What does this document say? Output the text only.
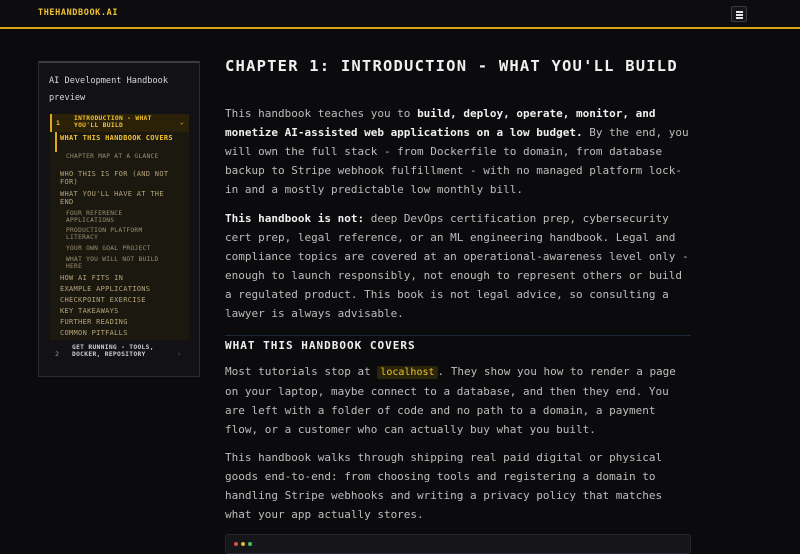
THEHANDBOOK.AI
AI Development Handbook preview
1
INTRODUCTION - WHAT YOU'LL BUILD	⌄
WHAT THIS HANDBOOK COVERS
CHAPTER MAP AT A GLANCE
WHO THIS IS FOR (AND NOT FOR)
WHAT YOU'LL HAVE AT THE END
FOUR REFERENCE APPLICATIONS
PRODUCTION PLATFORM LITERACY
YOUR OWN GOAL PROJECT
WHAT YOU WILL NOT BUILD HERE
HOW AI FITS IN
EXAMPLE APPLICATIONS
CHECKPOINT EXERCISE
KEY TAKEAWAYS
FURTHER READING
COMMON PITFALLS
2
GET RUNNING - TOOLS, DOCKER, REPOSITORY	›
CHAPTER 1: INTRODUCTION - WHAT YOU'LL BUILD
This handbook teaches you to build, deploy, operate, monitor, and monetize AI-assisted web applications on a low budget. By the end, you will own the full stack - from Dockerfile to domain, from database backup to Stripe webhook fulfillment - with no managed platform lock-in and a mostly predictable low monthly bill.
This handbook is not: deep DevOps certification prep, cybersecurity cert prep, legal reference, or an ML engineering handbook. Legal and compliance topics are covered at an operational-awareness level only - enough to launch responsibly, not enough to represent others or build a regulated product. This book is not legal advice, so consulting a lawyer is always advisable.
WHAT THIS HANDBOOK COVERS
Most tutorials stop at localhost . They show you how to render a page on your laptop, maybe connect to a database, and then they end. You are left with a folder of code and no path to a domain, a payment flow, or a customer who can actually buy what you built.
This handbook walks through shipping real paid digital or physical goods end-to-end: from choosing tools and registering a domain to handling Stripe webhooks and writing a privacy policy that matches what your app actually stores.
